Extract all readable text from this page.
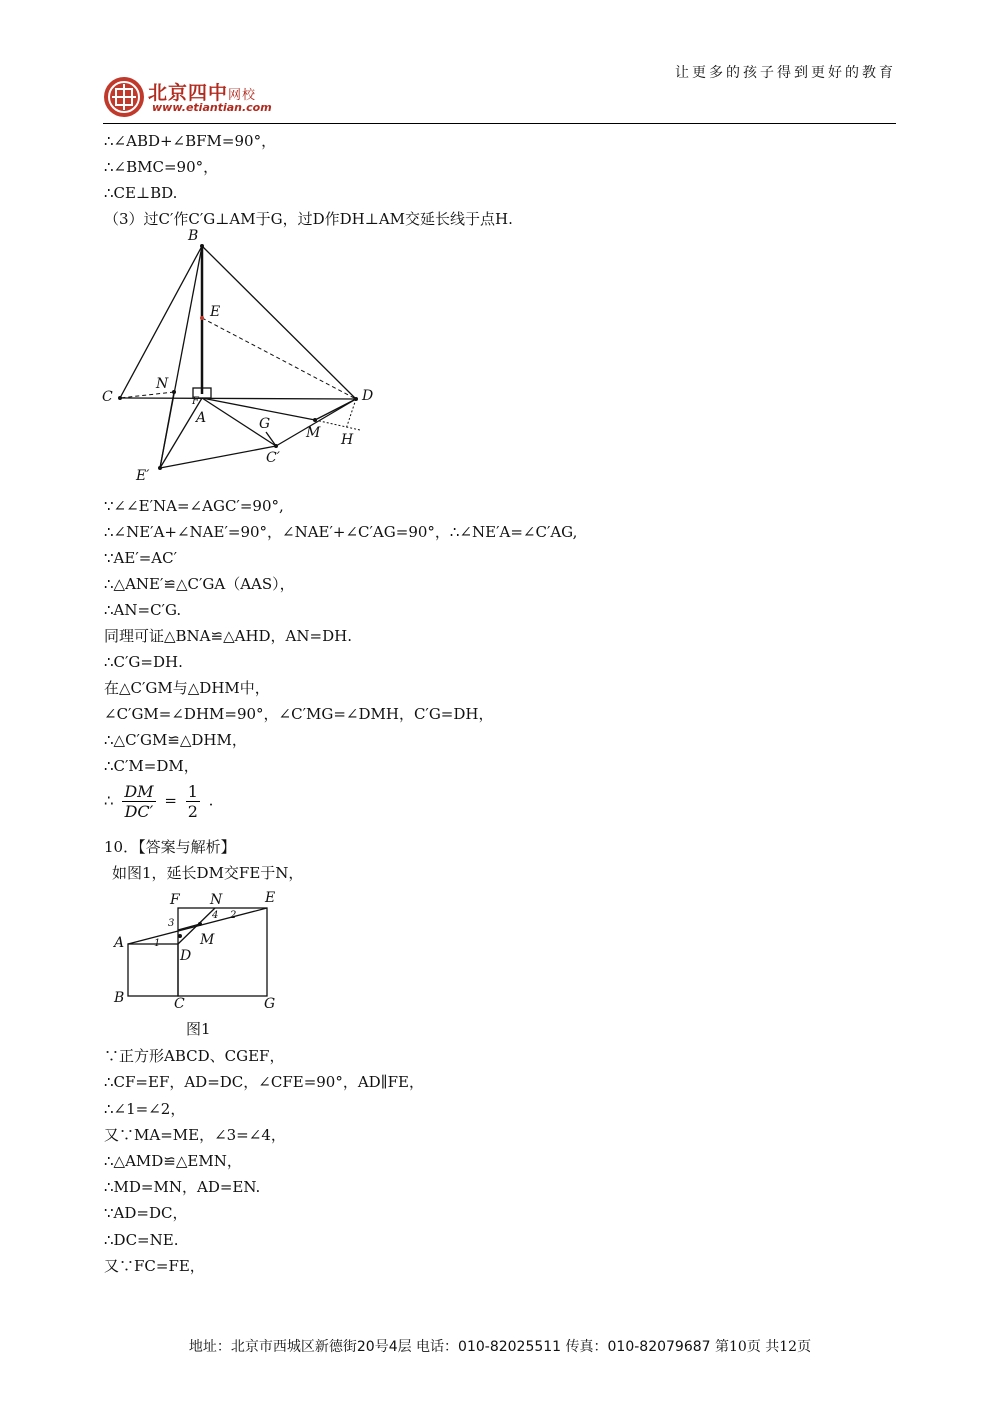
北京四中网校
www.etiantian.com
让更多的孩子得到更好的教育
∴∠ABD+∠BFM=90°，
∴∠BMC=90°，
∴CE⊥BD.
（3）过C′作C′G⊥AM于G，过D作DH⊥AM交延长线于点H.
B
E
C
N
F
A
D
G
M H
C′
E′
∵∠∠E′NA=∠AGC′=90°,
∴∠NE′A+∠NAE′=90°，∠NAE′+∠C′AG=90°，∴∠NE′A=∠C′AG,
∵AE′=AC′
∴△ANE′≌△C′GA（AAS），
∴AN=C′G.
同理可证△BNA≌△AHD，AN=DH.
∴C′G=DH.
在△C′GM与△DHM中，
∠C′GM=∠DHM=90°，∠C′MG=∠DMH，C′G=DH，
∴△C′GM≌△DHM，
∴C′M=DM，
∴ $\frac{DM}{DC'} = \frac{1}{2}$ .
10．【答案与解析】
如图1，延长DM交FE于N，
F N	E
A	M
D
B	C	G
1
2
3
4
图1
∵正方形ABCD、CGEF，
∴CF=EF，AD=DC，∠CFE=90°，AD∥FE，
∴∠1=∠2，
又∵MA=ME，∠3=∠4，
∴△AMD≌△EMN，
∴MD=MN，AD=EN.
∵AD=DC，
∴DC=NE.
又∵FC=FE，
地址：北京市西城区新德街20号4层 电话：010-82025511 传真：010-82079687 第10页 共12页
